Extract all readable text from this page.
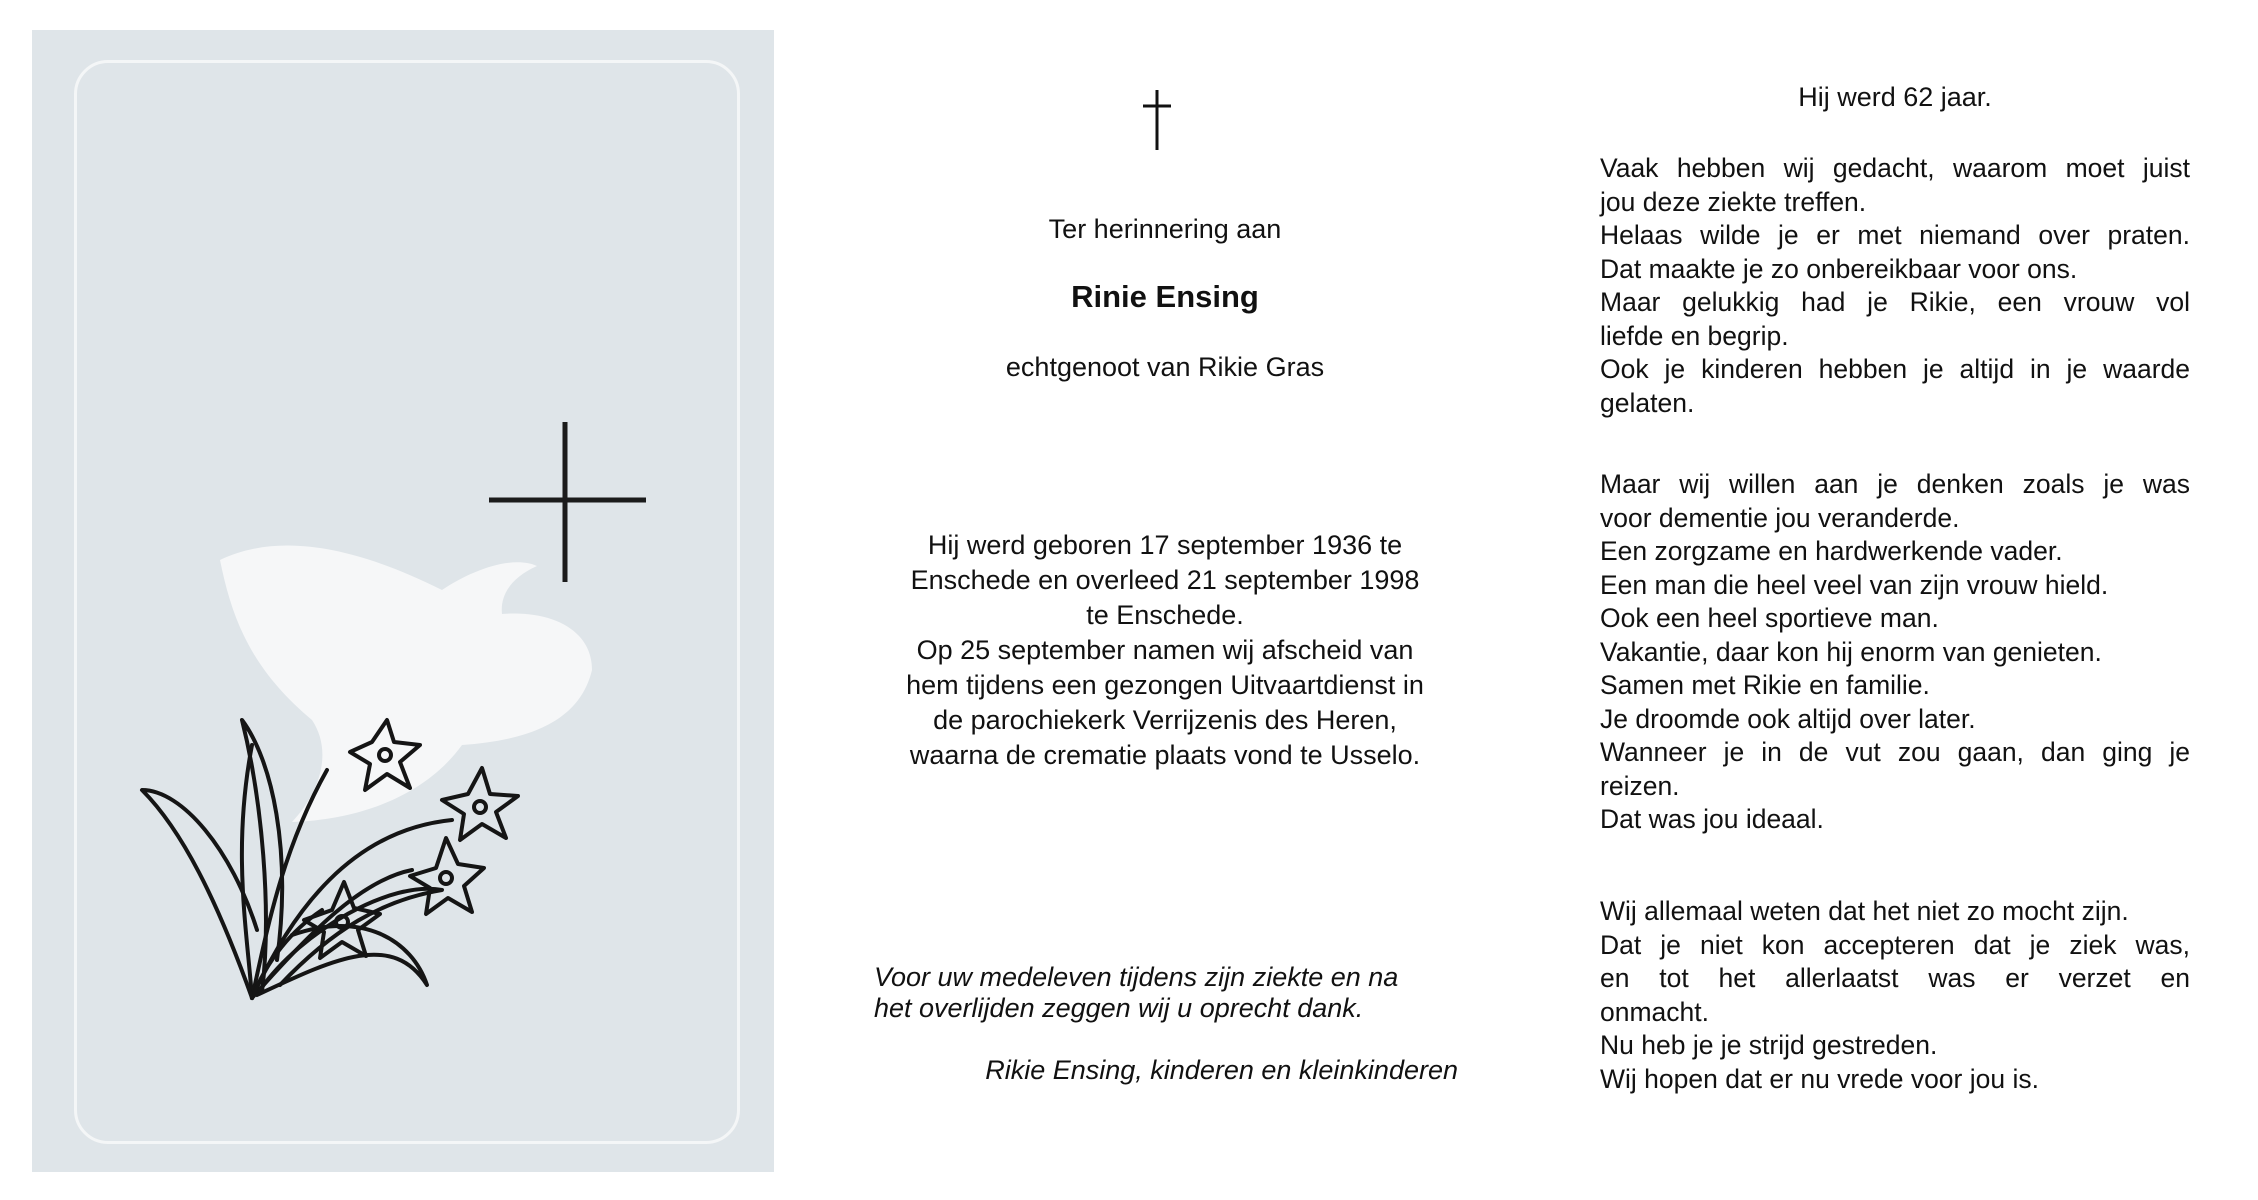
Ter herinnering aan

Rinie Ensing

echtgenoot van Rikie Gras

Hij werd geboren 17 september 1936 te
Enschede en overleed 21 september 1998
te Enschede.
Op 25 september namen wij afscheid van
hem tijdens een gezongen Uitvaartdienst in
de parochiekerk Verrijzenis des Heren,
waarna de crematie plaats vond te Usselo.
Voor uw medeleven tijdens zijn ziekte en na
het overlijden zeggen wij u oprecht dank.

Rikie Ensing, kinderen en kleinkinderen

Hij werd 62 jaar.

Vaak hebben wij gedacht, waarom moet juist
jou deze ziekte treffen.
Helaas wilde je er met niemand over praten.
Dat maakte je zo onbereikbaar voor ons.
Maar gelukkig had je Rikie, een vrouw vol
liefde en begrip.
Ook je kinderen hebben je altijd in je waarde
gelaten.
Maar wij willen aan je denken zoals je was
voor dementie jou veranderde.
Een zorgzame en hardwerkende vader.
Een man die heel veel van zijn vrouw hield.
Ook een heel sportieve man.
Vakantie, daar kon hij enorm van genieten.
Samen met Rikie en familie.
Je droomde ook altijd over later.
Wanneer je in de vut zou gaan, dan ging je
reizen.
Dat was jou ideaal.
Wij allemaal weten dat het niet zo mocht zijn.
Dat je niet kon accepteren dat je ziek was,
en tot het allerlaatst was er verzet en
onmacht.
Nu heb je je strijd gestreden.
Wij hopen dat er nu vrede voor jou is.
